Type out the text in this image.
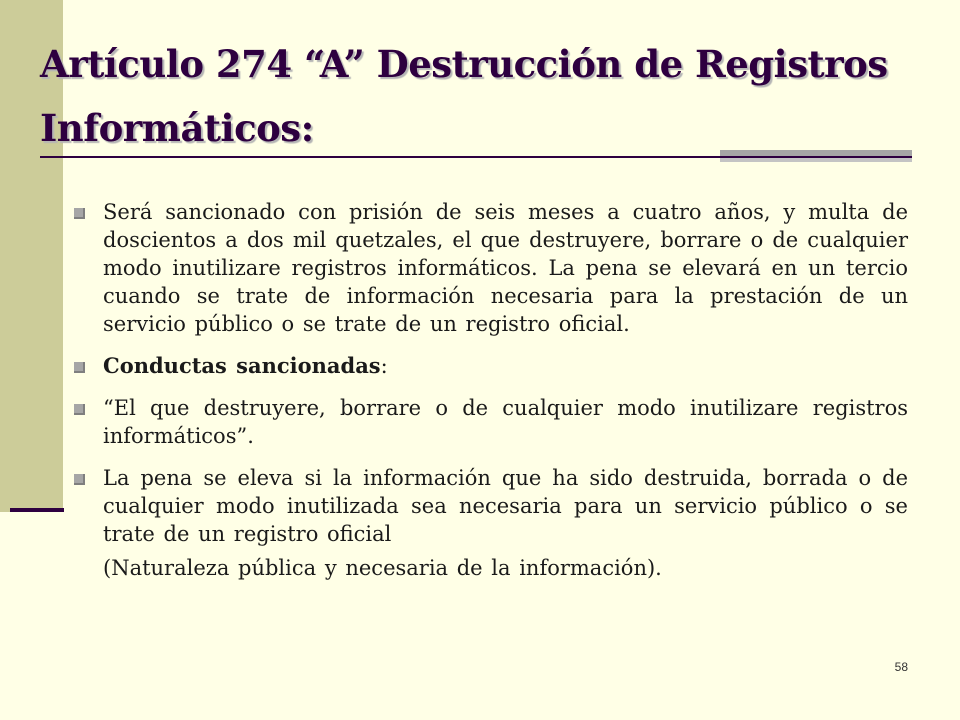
Artículo 274 “A” Destrucción de Registros Informáticos:
Será sancionado con prisión de seis meses a cuatro años, y multa de doscientos a dos mil quetzales, el que destruyere, borrare o de cualquier modo inutilizare registros informáticos. La pena se elevará en un tercio cuando se trate de información necesaria para la prestación de un servicio público o se trate de un registro oficial.
Conductas sancionadas:
“El que destruyere, borrare o de cualquier modo inutilizare registros informáticos”.
La pena se eleva si la información que ha sido destruida, borrada o de cualquier modo inutilizada sea necesaria para un servicio público o se trate de un registro oficial
(Naturaleza pública y necesaria de la información).
58
